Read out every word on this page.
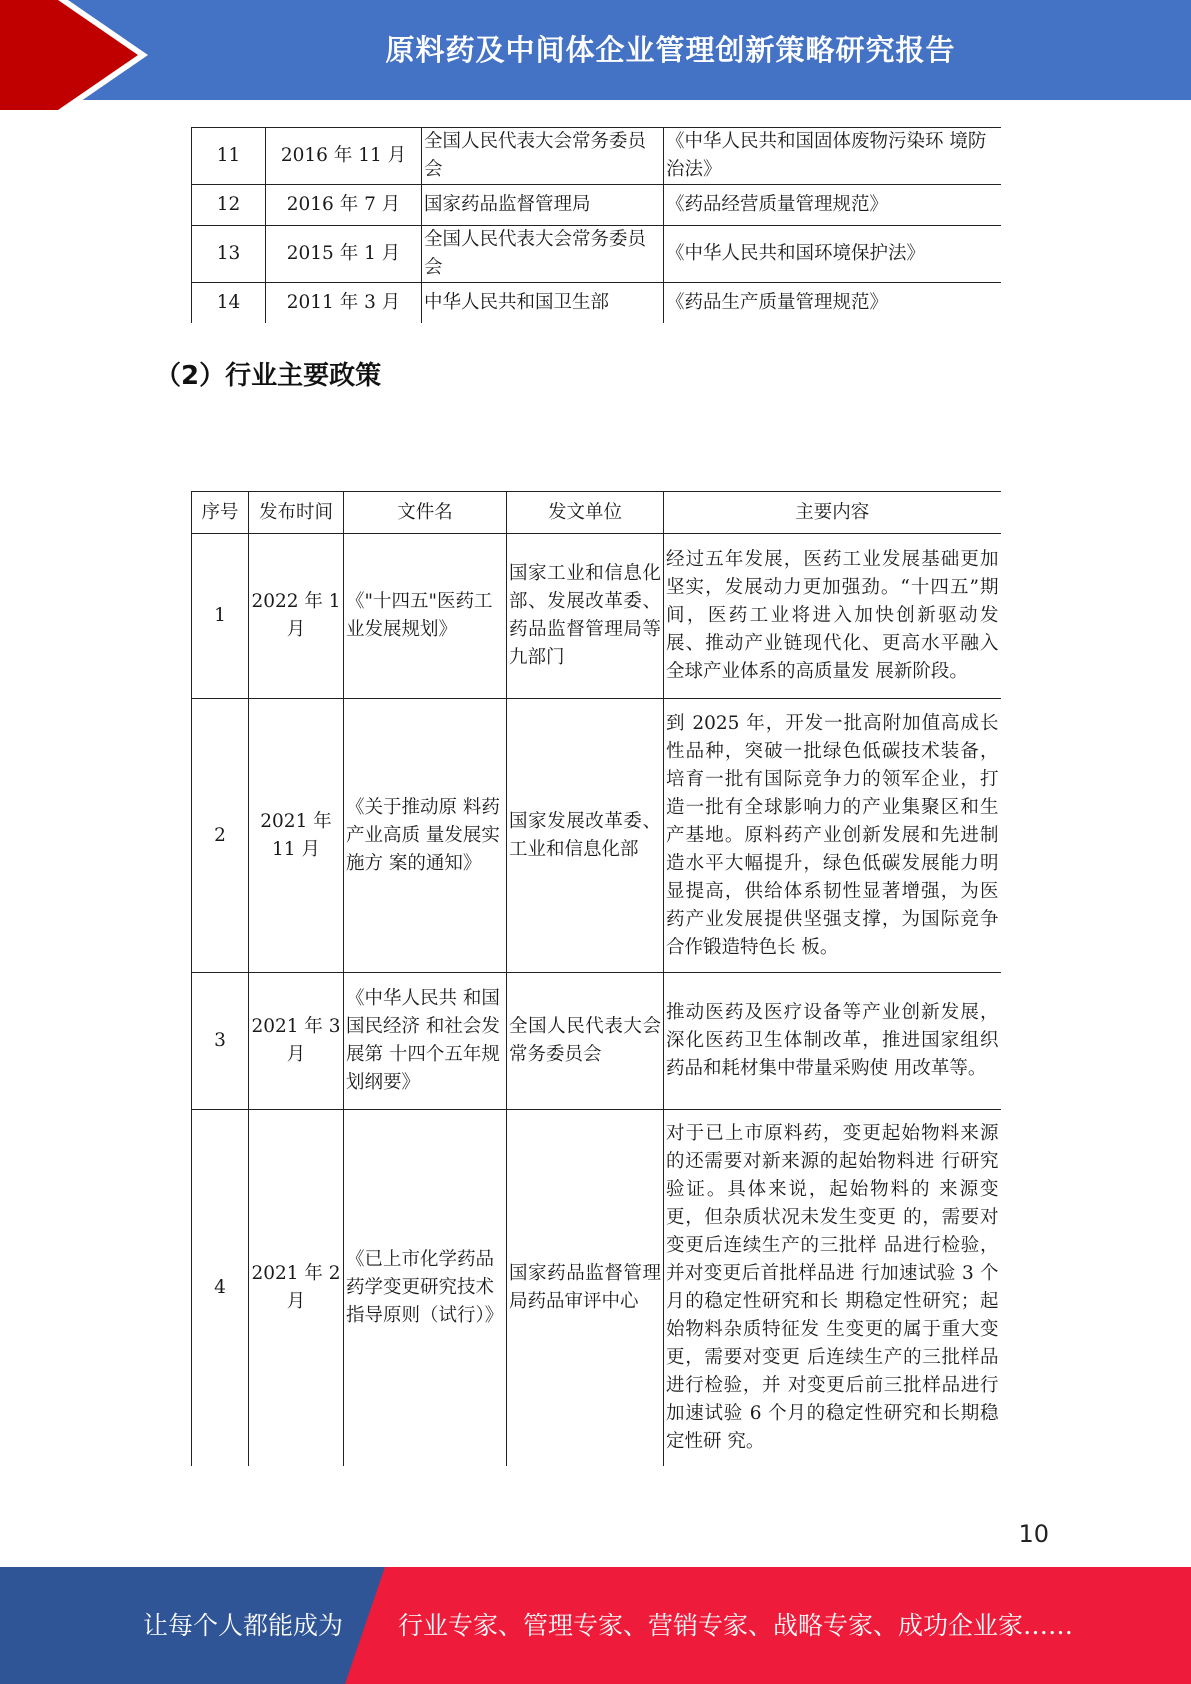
原料药及中间体企业管理创新策略研究报告
11	2016 年 11 月	全国人民代表大会常务委员会	《中华人民共和国固体废物污染环 境防治法》
12	2016 年 7 月	国家药品监督管理局	《药品经营质量管理规范》
13	2015 年 1 月	全国人民代表大会常务委员会	《中华人民共和国环境保护法》
14	2011 年 3 月	中华人民共和国卫生部	《药品生产质量管理规范》
（2）行业主要政策
序号	发布时间	文件名	发文单位	主要内容
1	2022 年 1 月	《"十四五"医药工业发展规划》	国家工业和信息化部、发展改革委、药品监督管理局等九部门	经过五年发展，医药工业发展基础更加坚实，发展动力更加强劲。“十四五”期间，医药工业将进入加快创新驱动发展、推动产业链现代化、更高水平融入全球产业体系的高质量发 展新阶段。
2	2021 年 11 月	《关于推动原 料药产业高质 量发展实施方 案的通知》	国家发展改革委、工业和信息化部	到 2025 年，开发一批高附加值高成长性品种，突破一批绿色低碳技术装备，培育一批有国际竞争力的领军企业，打造一批有全球影响力的产业集聚区和生产基地。原料药产业创新发展和先进制造水平大幅提升，绿色低碳发展能力明显提高，供给体系韧性显著增强，为医药产业发展提供坚强支撑，为国际竞争合作锻造特色长 板。
3	2021 年 3 月	《中华人民共 和国国民经济 和社会发展第 十四个五年规 划纲要》	全国人民代表大会常务委员会	推动医药及医疗设备等产业创新发展，深化医药卫生体制改革，推进国家组织药品和耗材集中带量采购使 用改革等。
4	2021 年 2 月	《已上市化学药品药学变更研究技术指导原则（试行）》	国家药品监督管理局药品审评中心	对于已上市原料药，变更起始物料来源的还需要对新来源的起始物料进 行研究验证。具体来说，起始物料的 来源变更，但杂质状况未发生变更 的，需要对变更后连续生产的三批样 品进行检验，并对变更后首批样品进 行加速试验 3 个月的稳定性研究和长 期稳定性研究；起始物料杂质特征发 生变更的属于重大变更，需要对变更 后连续生产的三批样品进行检验，并 对变更后前三批样品进行加速试验 6 个月的稳定性研究和长期稳定性研 究。
10
让每个人都能成为 行业专家、管理专家、营销专家、战略专家、成功企业家……
